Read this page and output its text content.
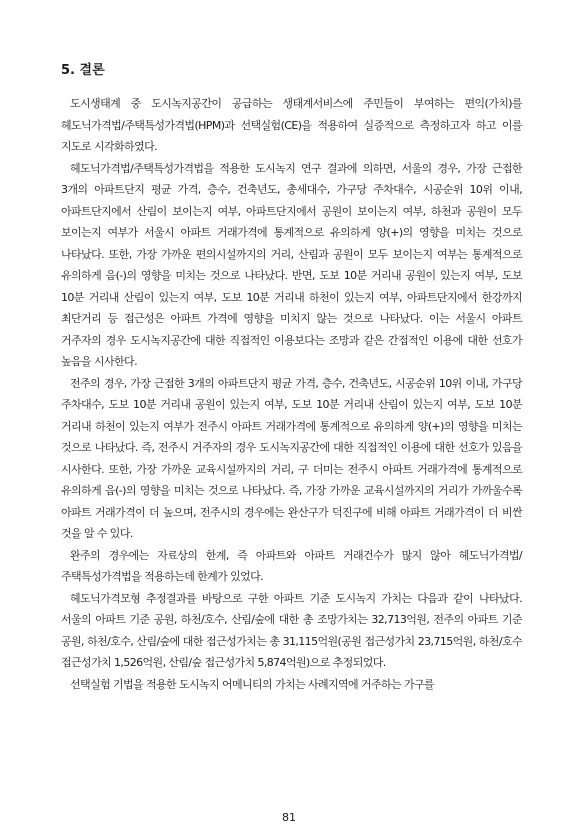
5. 결론

도시생태계 중 도시녹지공간이 공급하는 생태계서비스에 주민들이 부여하는 편익(가치)를 헤도닉가격법/주택특성가격법(HPM)과 선택실험(CE)을 적용하여 실증적으로 측정하고자 하고 이를 지도로 시각화하였다.

헤도닉가격법/주택특성가격법을 적용한 도시녹지 연구 결과에 의하면, 서울의 경우, 가장 근접한 3개의 아파트단지 평균 가격, 층수, 건축년도, 총세대수, 가구당 주차대수, 시공순위 10위 이내, 아파트단지에서 산림이 보이는지 여부, 아파트단지에서 공원이 보이는지 여부, 하천과 공원이 모두 보이는지 여부가 서울시 아파트 거래가격에 통계적으로 유의하게 양(+)의 영향을 미치는 것으로 나타났다. 또한, 가장 가까운 편의시설까지의 거리, 산림과 공원이 모두 보이는지 여부는 통계적으로 유의하게 음(-)의 영향을 미치는 것으로 나타났다. 반면, 도보 10분 거리내 공원이 있는지 여부, 도보 10분 거리내 산림이 있는지 여부, 도보 10분 거리내 하천이 있는지 여부, 아파트단지에서 한강까지 최단거리 등 접근성은 아파트 가격에 영향을 미치지 않는 것으로 나타났다. 이는 서울시 아파트 거주자의 경우 도시녹지공간에 대한 직접적인 이용보다는 조망과 같은 간접적인 이용에 대한 선호가 높음을 시사한다.

전주의 경우, 가장 근접한 3개의 아파트단지 평균 가격, 층수, 건축년도, 시공순위 10위 이내, 가구당 주차대수, 도보 10분 거리내 공원이 있는지 여부, 도보 10분 거리내 산림이 있는지 여부, 도보 10분 거리내 하천이 있는지 여부가 전주시 아파트 거래가격에 통계적으로 유의하게 양(+)의 영향을 미치는 것으로 나타났다. 즉, 전주시 거주자의 경우 도시녹지공간에 대한 직접적인 이용에 대한 선호가 있음을 시사한다. 또한, 가장 가까운 교육시설까지의 거리, 구 더미는 전주시 아파트 거래가격에 통계적으로 유의하게 음(-)의 영향을 미치는 것으로 나타났다. 즉, 가장 가까운 교육시설까지의 거리가 가까울수록 아파트 거래가격이 더 높으며, 전주시의 경우에는 완산구가 덕진구에 비해 아파트 거래가격이 더 비싼 것을 알 수 있다.

완주의 경우에는 자료상의 한계, 즉 아파트와 아파트 거래건수가 많지 않아 헤도닉가격법/주택특성가격법을 적용하는데 한계가 있었다.

헤도닉가격모형 추정결과를 바탕으로 구한 아파트 기준 도시녹지 가치는 다음과 같이 나타났다. 서울의 아파트 기준 공원, 하천/호수, 산림/숲에 대한 총 조망가치는 32,713억원, 전주의 아파트 기준 공원, 하천/호수, 산림/숲에 대한 접근성가치는 총 31,115억원(공원 접근성가치 23,715억원, 하천/호수 접근성가치 1,526억원, 산림/숲 접근성가치 5,874억원)으로 추정되었다.

선택실험 기법을 적용한 도시녹지 어메니티의 가치는 사례지역에 거주하는 가구를

81
